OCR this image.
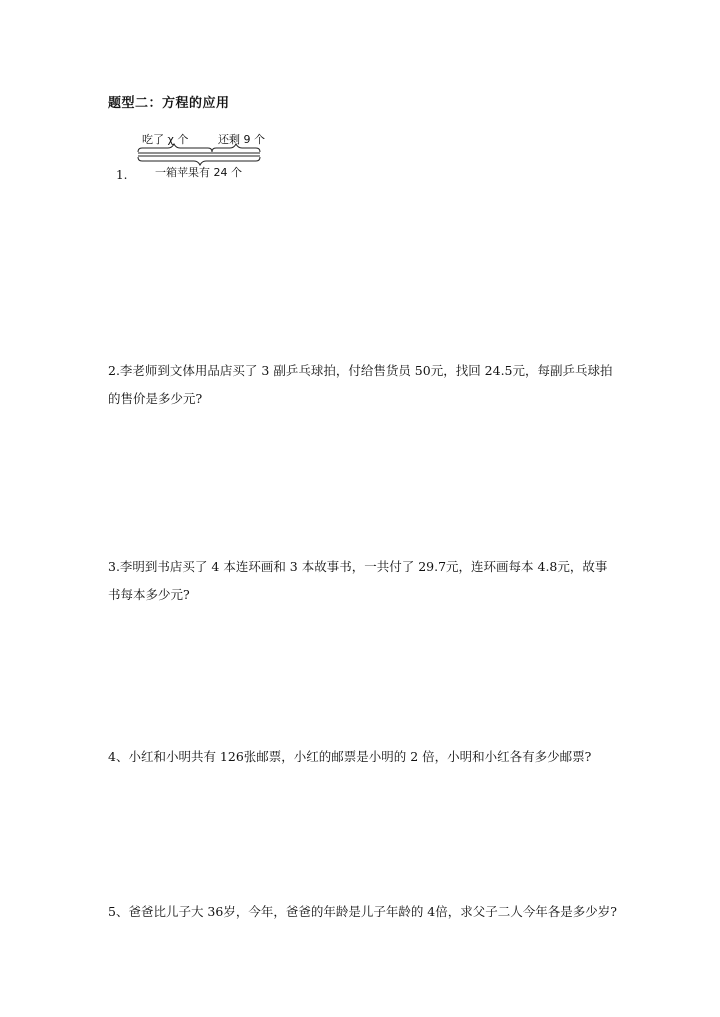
题型二：方程的应用
1.
吃了 χ 个	还剩 9 个
一箱苹果有 24 个
2.李老师到文体用品店买了 3 副乒乓球拍，付给售货员 50元，找回 24.5元，每副乒乓球拍的售价是多少元?
3.李明到书店买了 4 本连环画和 3 本故事书，一共付了 29.7元，连环画每本 4.8元，故事书每本多少元?
4、小红和小明共有 126张邮票，小红的邮票是小明的 2 倍，小明和小红各有多少邮票?
5、爸爸比儿子大 36岁，今年，爸爸的年龄是儿子年龄的 4倍，求父子二人今年各是多少岁?
